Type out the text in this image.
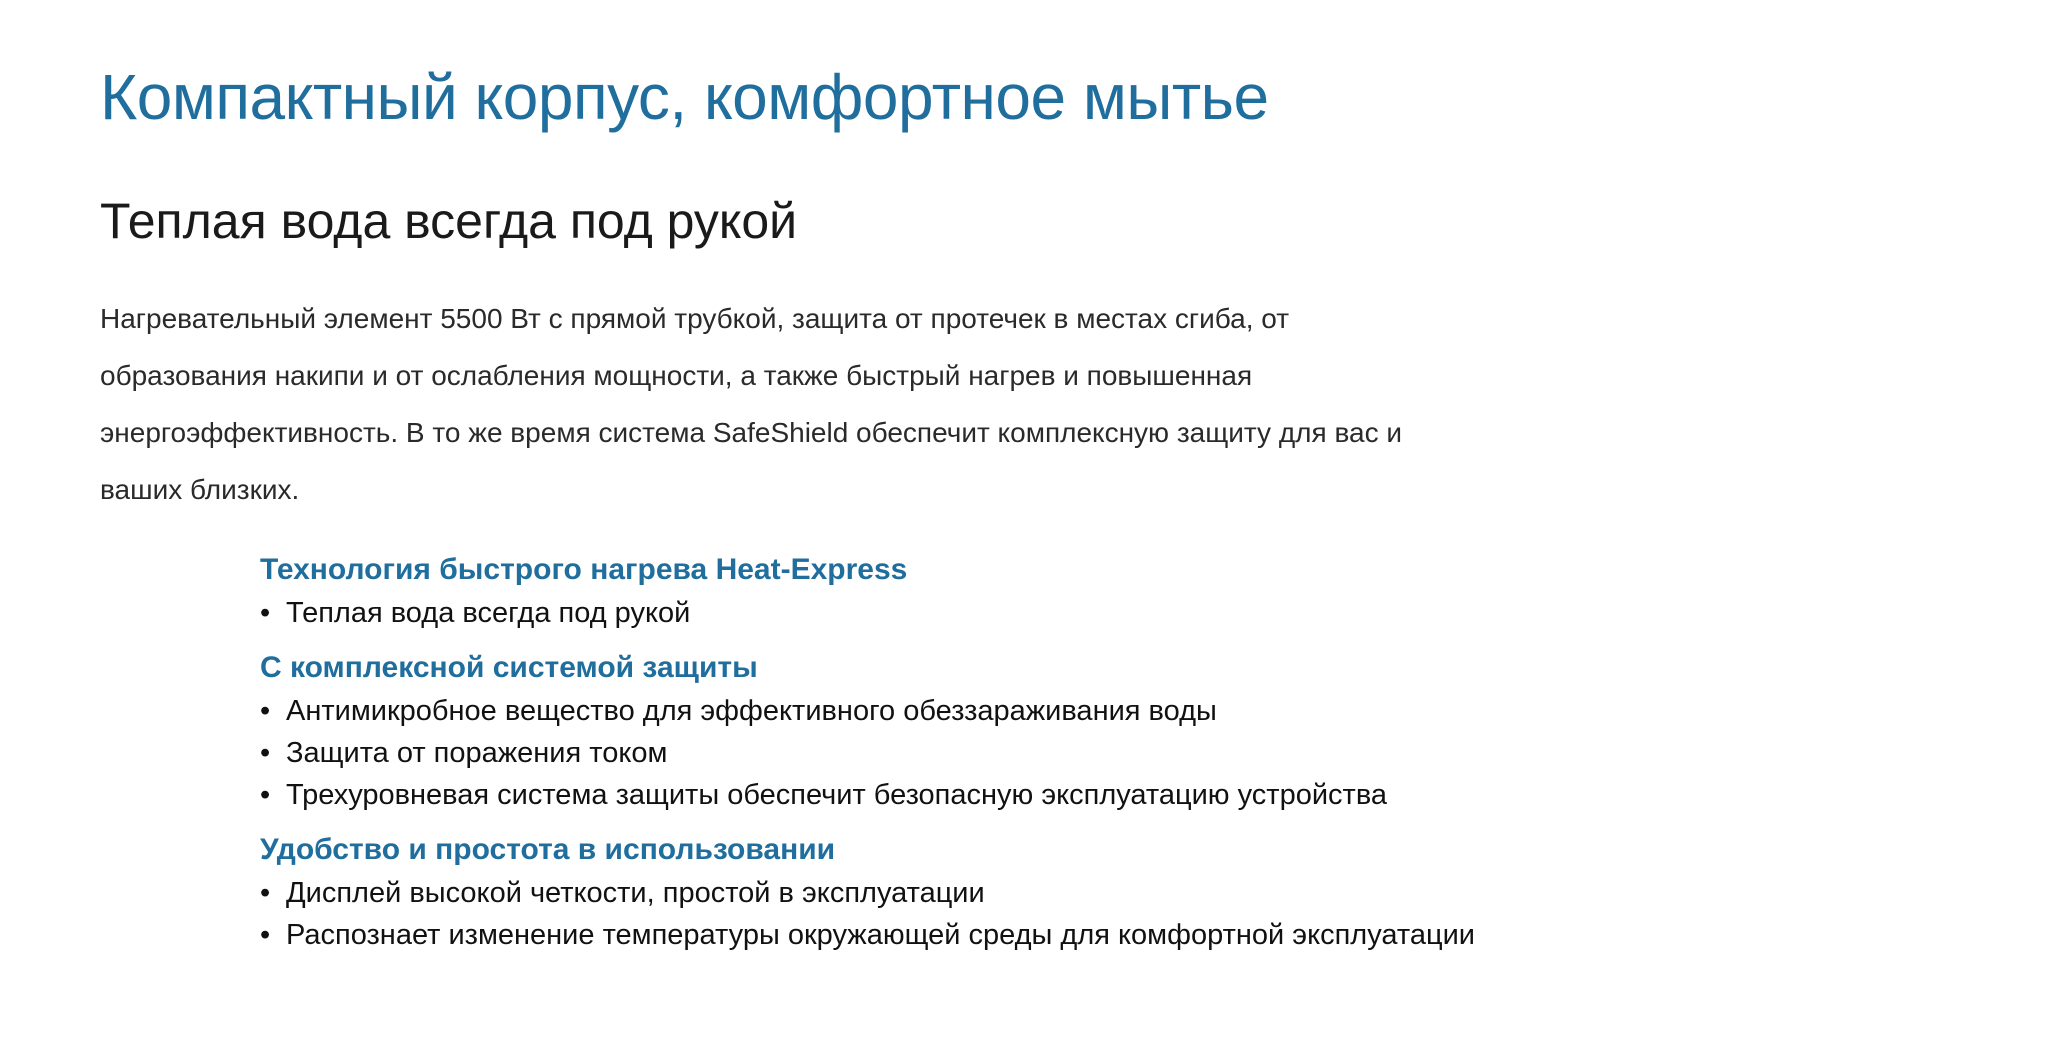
Компактный корпус, комфортное мытье
Теплая вода всегда под рукой

Нагревательный элемент 5500 Вт с прямой трубкой, защита от протечек в местах сгиба, от образования накипи и от ослабления мощности, а также быстрый нагрев и повышенная энергоэффективность. В то же время система SafeShield обеспечит комплексную защиту для вас и ваших близких.

Технология быстрого нагрева Heat-Express
• Теплая вода всегда под рукой
С комплексной системой защиты
• Антимикробное вещество для эффективного обеззараживания воды
• Защита от поражения током
• Трехуровневая система защиты обеспечит безопасную эксплуатацию устройства
Удобство и простота в использовании
• Дисплей высокой четкости, простой в эксплуатации
• Распознает изменение температуры окружающей среды для комфортной эксплуатации
